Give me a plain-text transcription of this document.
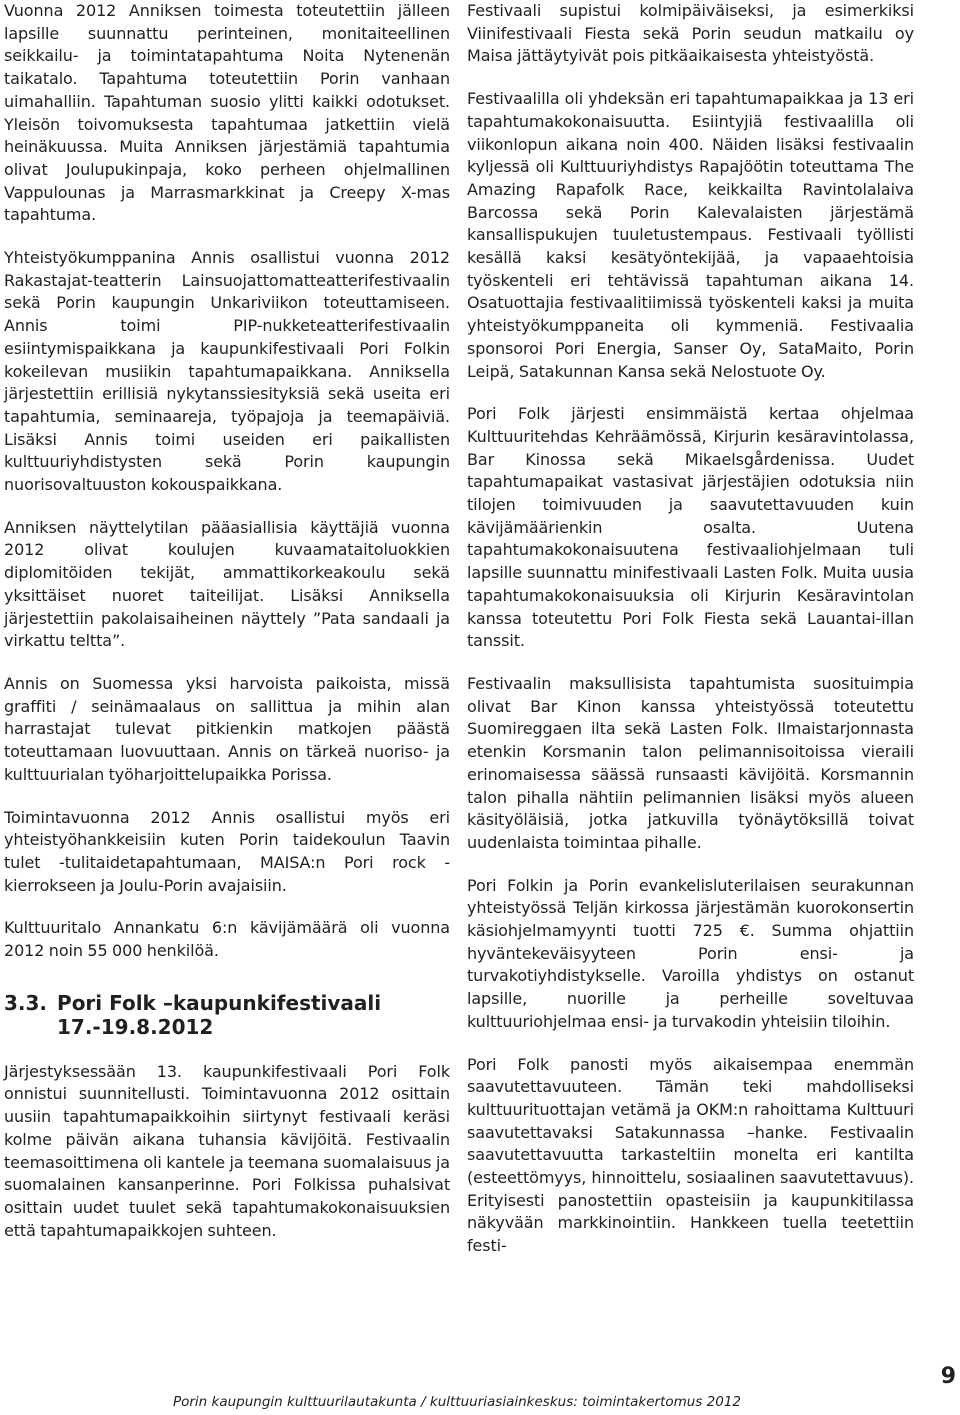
Vuonna 2012 Anniksen toimesta toteutettiin jälleen lapsille suunnattu perinteinen, monitaiteellinen seikkailu- ja toimintatapahtuma Noita Nytenenän taikatalo. Tapahtuma toteutettiin Porin vanhaan uimahalliin. Tapahtuman suosio ylitti kaikki odotukset. Yleisön toivomuksesta tapahtumaa jatkettiin vielä heinäkuussa. Muita Anniksen järjestämiä tapahtumia olivat Joulupukinpaja, koko perheen ohjelmallinen Vappulounas ja Marrasmarkkinat ja Creepy X-mas tapahtuma.

Yhteistyökumppanina Annis osallistui vuonna 2012 Rakastajat-teatterin Lainsuojattomatteatterifestivaalin sekä Porin kaupungin Unkariviikon toteuttamiseen. Annis toimi PIP-nukketeatterifestivaalin esiintymispaikkana ja kaupunkifestivaali Pori Folkin kokeilevan musiikin tapahtumapaikkana. Anniksella järjestettiin erillisiä nykytanssiesityksiä sekä useita eri tapahtumia, seminaareja, työpajoja ja teemapäiviä. Lisäksi Annis toimi useiden eri paikallisten kulttuuriyhdistysten sekä Porin kaupungin nuorisovaltuuston kokouspaikkana.

Anniksen näyttelytilan pääasiallisia käyttäjiä vuonna 2012 olivat koulujen kuvaamataitoluokkien diplomitöiden tekijät, ammattikorkeakoulu sekä yksittäiset nuoret taiteilijat. Lisäksi Anniksella järjestettiin pakolaisaiheinen näyttely ”Pata sandaali ja virkattu teltta”.

Annis on Suomessa yksi harvoista paikoista, missä graffiti / seinämaalaus on sallittua ja mihin alan harrastajat tulevat pitkienkin matkojen päästä toteuttamaan luovuuttaan. Annis on tärkeä nuoriso- ja kulttuurialan työharjoittelupaikka Porissa.

Toimintavuonna 2012 Annis osallistui myös eri yhteistyöhankkeisiin kuten Porin taidekoulun Taavin tulet -tulitaidetapahtumaan, MAISA:n Pori rock -kierrokseen ja Joulu-Porin avajaisiin.

Kulttuuritalo Annankatu 6:n kävijämäärä oli vuonna 2012 noin 55 000 henkilöä.

3.3. Pori Folk –kaupunkifestivaali
17.-19.8.2012

Järjestyksessään 13. kaupunkifestivaali Pori Folk onnistui suunnitellusti. Toimintavuonna 2012 osittain uusiin tapahtumapaikkoihin siirtynyt festivaali keräsi kolme päivän aikana tuhansia kävijöitä. Festivaalin teemasoittimena oli kantele ja teemana suomalaisuus ja suomalainen kansanperinne. Pori Folkissa puhalsivat osittain uudet tuulet sekä tapahtumakokonaisuuksien että tapahtumapaikkojen suhteen.

Festivaali supistui kolmipäiväiseksi, ja esimerkiksi Viinifestivaali Fiesta sekä Porin seudun matkailu oy Maisa jättäytyivät pois pitkäaikaisesta yhteistyöstä.

Festivaalilla oli yhdeksän eri tapahtumapaikkaa ja 13 eri tapahtumakokonaisuutta. Esiintyjiä festivaalilla oli viikonlopun aikana noin 400. Näiden lisäksi festivaalin kyljessä oli Kulttuuriyhdistys Rapajöötin toteuttama The Amazing Rapafolk Race, keikkailta Ravintolalaiva Barcossa sekä Porin Kalevalaisten järjestämä kansallispukujen tuuletustempaus. Festivaali työllisti kesällä kaksi kesätyöntekijää, ja vapaaehtoisia työskenteli eri tehtävissä tapahtuman aikana 14. Osatuottajia festivaalitiimissä työskenteli kaksi ja muita yhteistyökumppaneita oli kymmeniä. Festivaalia sponsoroi Pori Energia, Sanser Oy, SataMaito, Porin Leipä, Satakunnan Kansa sekä Nelostuote Oy.

Pori Folk järjesti ensimmäistä kertaa ohjelmaa Kulttuuritehdas Kehräämössä, Kirjurin kesäravintolassa, Bar Kinossa sekä Mikaelsgårdenissa. Uudet tapahtumapaikat vastasivat järjestäjien odotuksia niin tilojen toimivuuden ja saavutettavuuden kuin kävijämäärienkin osalta. Uutena tapahtumakokonaisuutena festivaaliohjelmaan tuli lapsille suunnattu minifestivaali Lasten Folk. Muita uusia tapahtumakokonaisuuksia oli Kirjurin Kesäravintolan kanssa toteutettu Pori Folk Fiesta sekä Lauantai-illan tanssit.

Festivaalin maksullisista tapahtumista suosituimpia olivat Bar Kinon kanssa yhteistyössä toteutettu Suomireggaen ilta sekä Lasten Folk. Ilmaistarjonnasta etenkin Korsmanin talon pelimannisoitoissa vieraili erinomaisessa säässä runsaasti kävijöitä. Korsmannin talon pihalla nähtiin pelimannien lisäksi myös alueen käsityöläisiä, jotka jatkuvilla työnäytöksillä toivat uudenlaista toimintaa pihalle.

Pori Folkin ja Porin evankelisluterilaisen seurakunnan yhteistyössä Teljän kirkossa järjestämän kuorokonsertin käsiohjelmamyynti tuotti 725 €. Summa ohjattiin hyväntekeväisyyteen Porin ensi- ja turvakotiyhdistykselle. Varoilla yhdistys on ostanut lapsille, nuorille ja perheille soveltuvaa kulttuuriohjelmaa ensi- ja turvakodin yhteisiin tiloihin.

Pori Folk panosti myös aikaisempaa enemmän saavutettavuuteen. Tämän teki mahdolliseksi kulttuurituottajan vetämä ja OKM:n rahoittama Kulttuuri saavutettavaksi Satakunnassa –hanke. Festivaalin saavutettavuutta tarkasteltiin monelta eri kantilta (esteettömyys, hinnoittelu, sosiaalinen saavutettavuus). Erityisesti panostettiin opasteisiin ja kaupunkitilassa näkyvään markkinointiin. Hankkeen tuella teetettiin festi-

Porin kaupungin kulttuurilautakunta / kulttuuriasiainkeskus: toimintakertomus 2012
9
